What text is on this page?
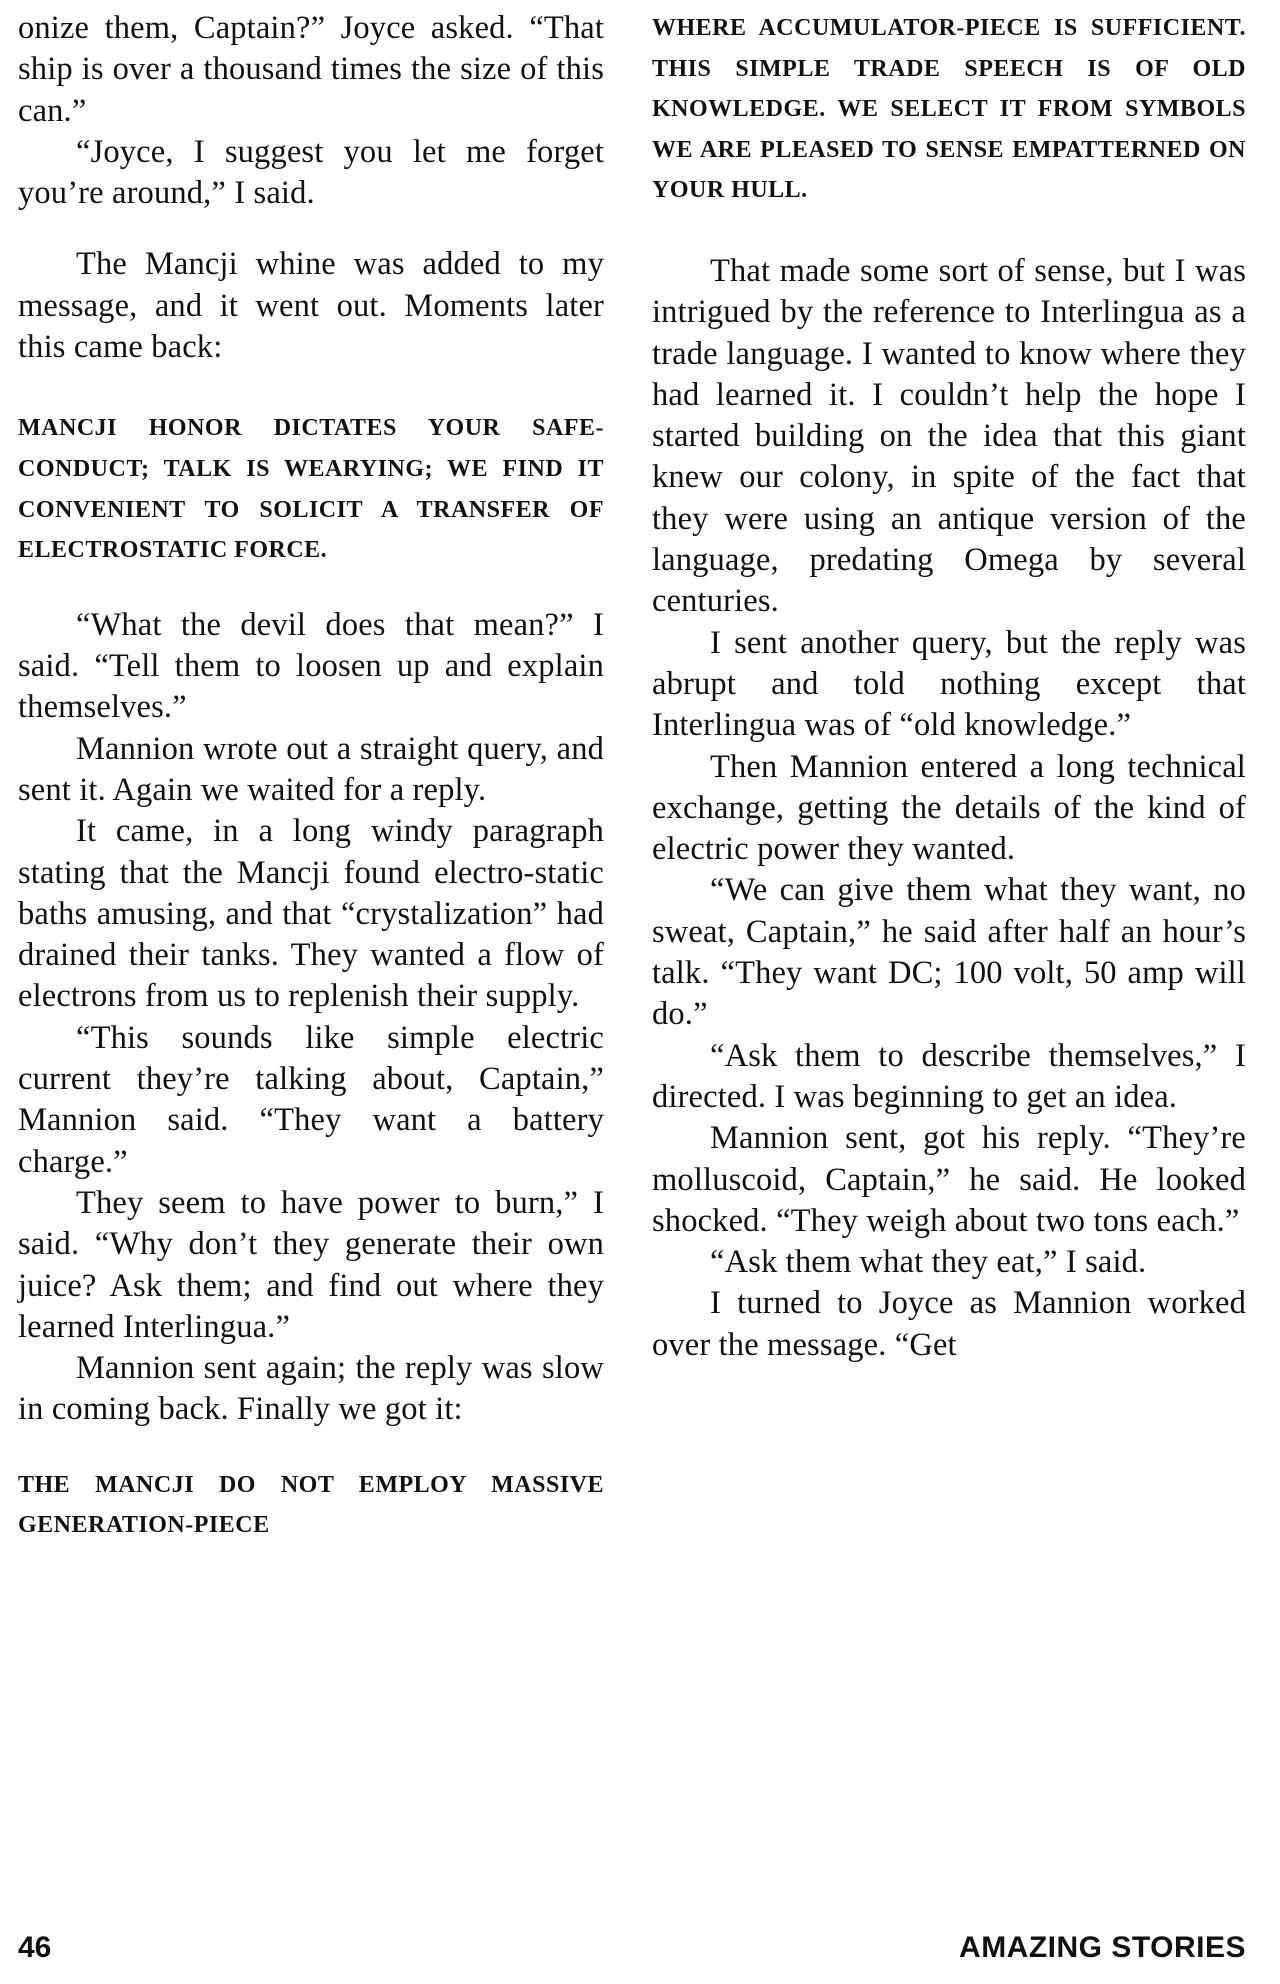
onize them, Captain?” Joyce asked. “That ship is over a thousand times the size of this can.”

“Joyce, I suggest you let me forget you’re around,” I said.

The Mancji whine was added to my message, and it went out. Moments later this came back:

MANCJI HONOR DICTATES YOUR SAFE-CONDUCT; TALK IS WEARYING; WE FIND IT CONVENIENT TO SOLICIT A TRANSFER OF ELECTROSTATIC FORCE.

“What the devil does that mean?” I said. “Tell them to loosen up and explain themselves.”

Mannion wrote out a straight query, and sent it. Again we waited for a reply.

It came, in a long windy paragraph stating that the Mancji found electro-static baths amusing, and that “crystalization” had drained their tanks. They wanted a flow of electrons from us to replenish their supply.

“This sounds like simple electric current they’re talking about, Captain,” Mannion said. “They want a battery charge.”

They seem to have power to burn,” I said. “Why don’t they generate their own juice? Ask them; and find out where they learned Interlingua.”

Mannion sent again; the reply was slow in coming back. Finally we got it:

THE MANCJI DO NOT EMPLOY MASSIVE GENERATION-PIECE

WHERE ACCUMULATOR-PIECE IS SUFFICIENT. THIS SIMPLE TRADE SPEECH IS OF OLD KNOWLEDGE. WE SELECT IT FROM SYMBOLS WE ARE PLEASED TO SENSE EMPATTERNED ON YOUR HULL.

That made some sort of sense, but I was intrigued by the reference to Interlingua as a trade language. I wanted to know where they had learned it. I couldn’t help the hope I started building on the idea that this giant knew our colony, in spite of the fact that they were using an antique version of the language, predating Omega by several centuries.

I sent another query, but the reply was abrupt and told nothing except that Interlingua was of “old knowledge.”

Then Mannion entered a long technical exchange, getting the details of the kind of electric power they wanted.

“We can give them what they want, no sweat, Captain,” he said after half an hour’s talk. “They want DC; 100 volt, 50 amp will do.”

“Ask them to describe themselves,” I directed. I was beginning to get an idea.

Mannion sent, got his reply. “They’re molluscoid, Captain,” he said. He looked shocked. “They weigh about two tons each.”

“Ask them what they eat,” I said.

I turned to Joyce as Mannion worked over the message. “Get

46	AMAZING STORIES
